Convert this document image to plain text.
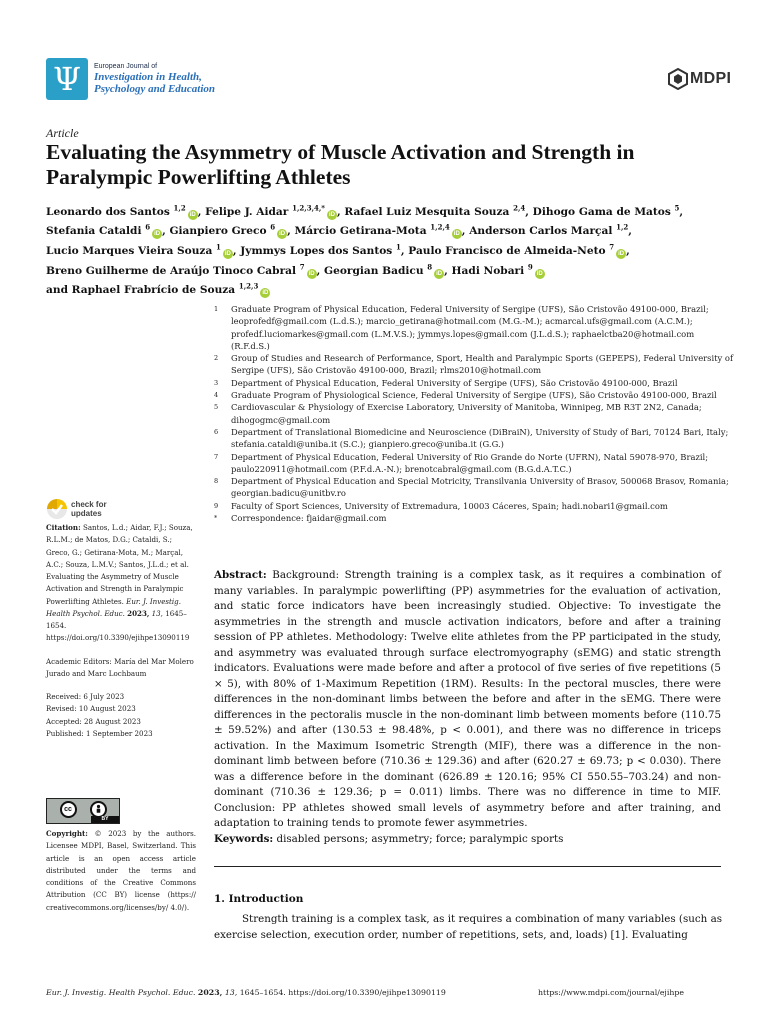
Ψ	European Journal of
Investigation in Health,
Psychology and Education
MDPI
Article
Evaluating the Asymmetry of Muscle Activation and Strength in Paralympic Powerlifting Athletes
Leonardo dos Santos $^{1,2}$iD , Felipe J. Aidar $^{1,2,3,4,*}$iD , Rafael Luiz Mesquita Souza $^{2,4}$, Dihogo Gama de Matos $^5$,
Stefania Cataldi $^6$iD , Gianpiero Greco $^6$iD , Márcio Getirana-Mota $^{1,2,4}$iD , Anderson Carlos Marçal $^{1,2}$,
Lucio Marques Vieira Souza $^1$iD , Jymmys Lopes dos Santos $^1$, Paulo Francisco de Almeida-Neto $^7$iD ,
Breno Guilherme de Araújo Tinoco Cabral $^7$iD , Georgian Badicu $^8$iD , Hadi Nobari $^9$iD
and Raphael Frabrício de Souza $^{1,2,3}$iD
1	Graduate Program of Physical Education, Federal University of Sergipe (UFS), São Cristovão 49100-000, Brazil; leoprofedf@gmail.com (L.d.S.); marcio_getirana@hotmail.com (M.G.-M.); acmarcal.ufs@gmail.com (A.C.M.); profedf.luciomarkes@gmail.com (L.M.V.S.); jymmys.lopes@gmail.com (J.L.d.S.); raphaelctba20@hotmail.com (R.F.d.S.)
2	Group of Studies and Research of Performance, Sport, Health and Paralympic Sports (GEPEPS), Federal University of Sergipe (UFS), São Cristovão 49100-000, Brazil; rlms2010@hotmail.com
3	Department of Physical Education, Federal University of Sergipe (UFS), São Cristovão 49100-000, Brazil
4	Graduate Program of Physiological Science, Federal University of Sergipe (UFS), São Cristovão 49100-000, Brazil
5	Cardiovascular & Physiology of Exercise Laboratory, University of Manitoba, Winnipeg, MB R3T 2N2, Canada; dihogogmc@gmail.com
6	Department of Translational Biomedicine and Neuroscience (DiBraiN), University of Study of Bari, 70124 Bari, Italy; stefania.cataldi@uniba.it (S.C.); gianpiero.greco@uniba.it (G.G.)
7	Department of Physical Education, Federal University of Rio Grande do Norte (UFRN), Natal 59078-970, Brazil; paulo220911@hotmail.com (P.F.d.A.-N.); brenotcabral@gmail.com (B.G.d.A.T.C.)
8	Department of Physical Education and Special Motricity, Transilvania University of Brasov, 500068 Brasov, Romania; georgian.badicu@unitbv.ro
9	Faculty of Sport Sciences, University of Extremadura, 10003 Cáceres, Spain; hadi.nobari1@gmail.com
*	Correspondence: fjaidar@gmail.com
check for
updates
Citation: Santos, L.d.; Aidar, F.J.; Souza, R.L.M.; de Matos, D.G.; Cataldi, S.; Greco, G.; Getirana-Mota, M.; Marçal, A.C.; Souza, L.M.V.; Santos, J.L.d.; et al. Evaluating the Asymmetry of Muscle Activation and Strength in Paralympic Powerlifting Athletes. Eur. J. Investig. Health Psychol. Educ. 2023, 13, 1645–1654. https://doi.org/10.3390/ejihpe13090119
Academic Editors: María del Mar Molero Jurado and Marc Lochbaum
Received: 6 July 2023
Revised: 10 August 2023
Accepted: 28 August 2023
Published: 1 September 2023
cc
BY
Copyright: © 2023 by the authors. Licensee MDPI, Basel, Switzerland. This article is an open access article distributed under the terms and conditions of the Creative Commons Attribution (CC BY) license (https:// creativecommons.org/licenses/by/ 4.0/).
Abstract: Background: Strength training is a complex task, as it requires a combination of many variables. In paralympic powerlifting (PP) asymmetries for the evaluation of activation, and static force indicators have been increasingly studied. Objective: To investigate the asymmetries in the strength and muscle activation indicators, before and after a training session of PP athletes. Methodology: Twelve elite athletes from the PP participated in the study, and asymmetry was evaluated through surface electromyography (sEMG) and static strength indicators. Evaluations were made before and after a protocol of five series of five repetitions (5 × 5), with 80% of 1-Maximum Repetition (1RM). Results: In the pectoral muscles, there were differences in the non-dominant limbs between the before and after in the sEMG. There were differences in the pectoralis muscle in the non-dominant limb between moments before (110.75 ± 59.52%) and after (130.53 ± 98.48%, p < 0.001), and there was no difference in triceps activation. In the Maximum Isometric Strength (MIF), there was a difference in the non-dominant limb between before (710.36 ± 129.36) and after (620.27 ± 69.73; p < 0.030). There was a difference before in the dominant (626.89 ± 120.16; 95% CI 550.55–703.24) and non-dominant (710.36 ± 129.36; p = 0.011) limbs. There was no difference in time to MIF. Conclusion: PP athletes showed small levels of asymmetry before and after training, and adaptation to training tends to promote fewer asymmetries.
Keywords: disabled persons; asymmetry; force; paralympic sports
1. Introduction
Strength training is a complex task, as it requires a combination of many variables (such as exercise selection, execution order, number of repetitions, sets, and, loads) [1]. Evaluating
Eur. J. Investig. Health Psychol. Educ. 2023, 13, 1645–1654. https://doi.org/10.3390/ejihpe13090119	https://www.mdpi.com/journal/ejihpe
